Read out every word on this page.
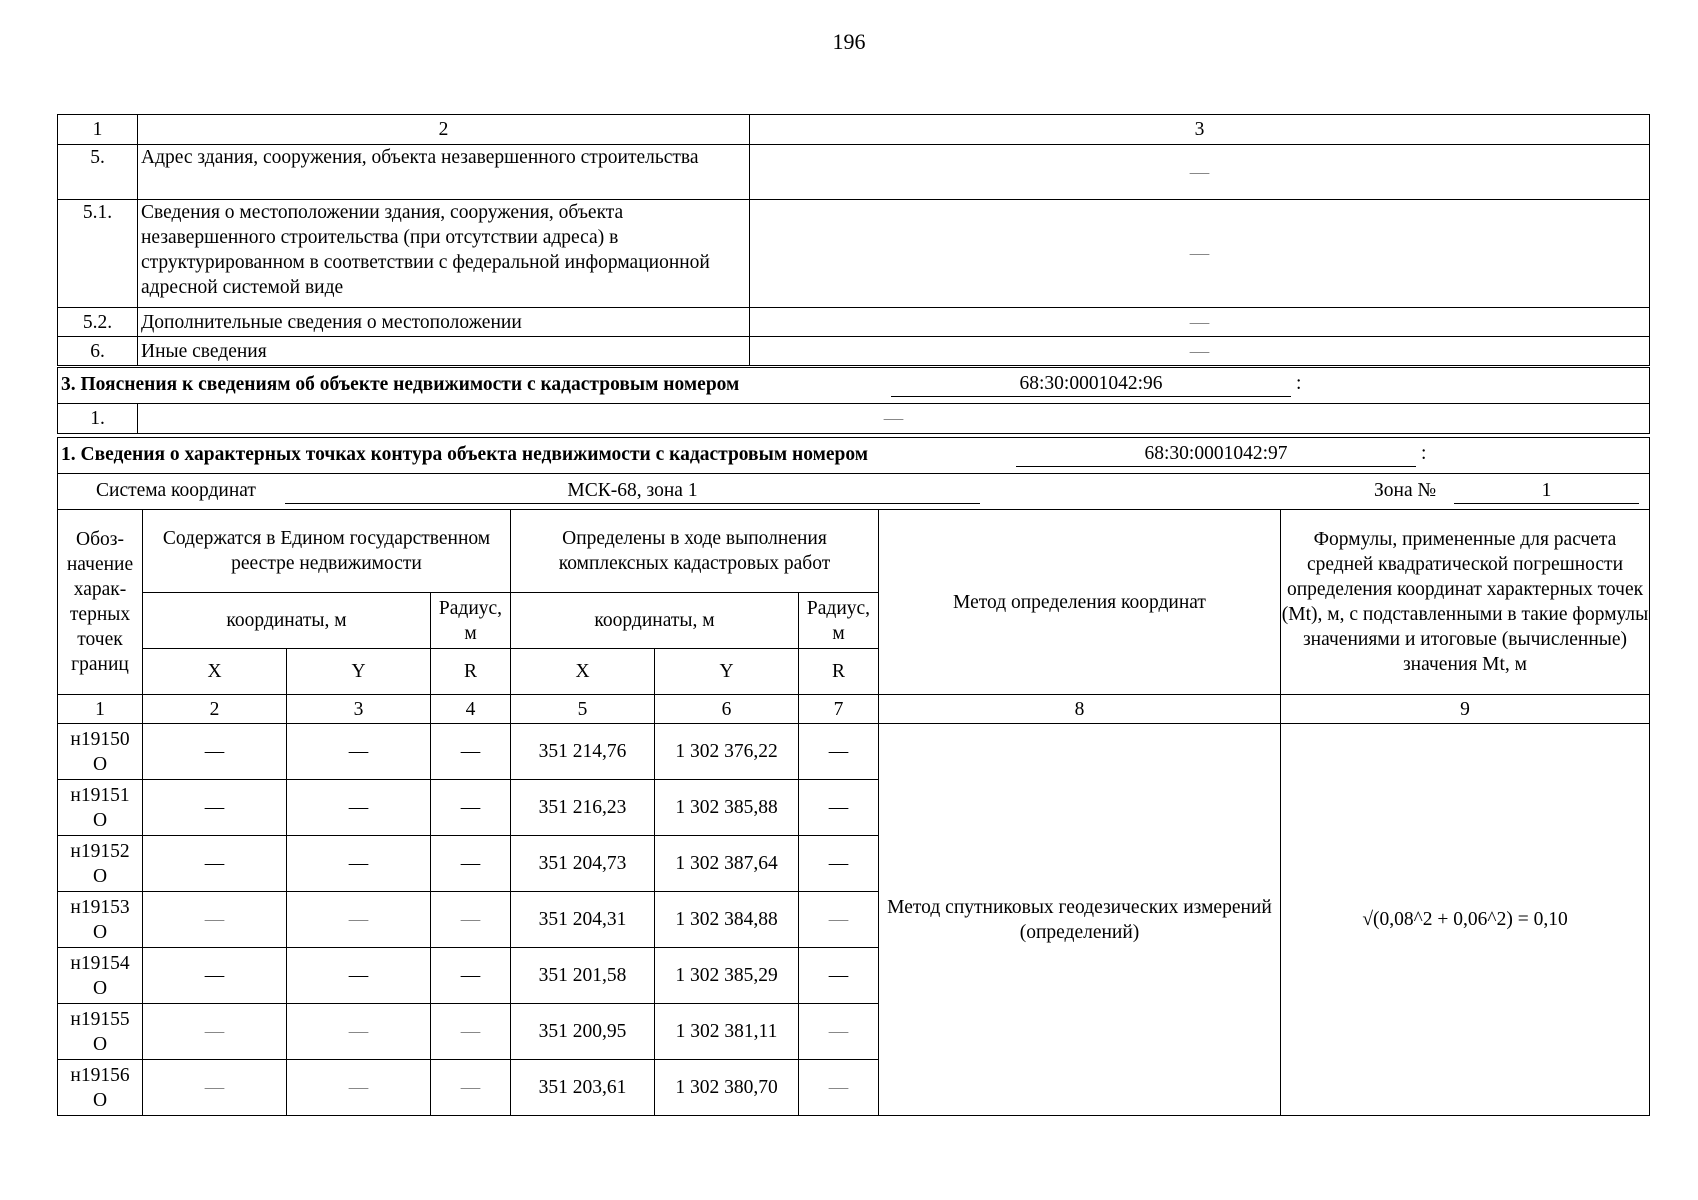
196
1	2	3
5.	Адрес здания, сооружения, объекта незавершенного строительства	—
5.1.	Сведения о местоположении здания, сооружения, объекта незавершенного строительства (при отсутствии адреса) в структурированном в соответствии с федеральной информационной адресной системой виде	—
5.2.	Дополнительные сведения о местоположении	—
6.	Иные сведения	—
3. Пояснения к сведениям об объекте недвижимости с кадастровым номером	68:30:0001042:96	:

1.	—
1. Сведения о характерных точках контура объекта недвижимости с кадастровым номером 68:30:0001042:97 :								

Система координат МСК-68, зона 1 Зона № 1								

Обоз-начение харак-терных точек границ	Содержатся в Едином государственном реестре недвижимости			Определены в ходе выполнения комплексных кадастровых работ			Метод определения координат	Формулы, примененные для расчета средней квадратической погрешности определения координат характерных точек (Mt), м, с подставленными в такие формулы значениями и итоговые (вычисленные) значения Mt, м
	координаты, м		Радиус, м	координаты, м		Радиус, м		
	X	Y	R	X	Y	R		
1	2	3	4	5	6	7	8	9
н19150
О	—	—	—	351 214,76	1 302 376,22	—	Метод спутниковых геодезических измерений (определений)	√(0,08^2 + 0,06^2) = 0,10
н19151
О	—	—	—	351 216,23	1 302 385,88	—		
н19152
О	—	—	—	351 204,73	1 302 387,64	—		
н19153
О	—	—	—	351 204,31	1 302 384,88	—		
н19154
О	—	—	—	351 201,58	1 302 385,29	—		
н19155
О	—	—	—	351 200,95	1 302 381,11	—		
н19156
О	—	—	—	351 203,61	1 302 380,70	—		
